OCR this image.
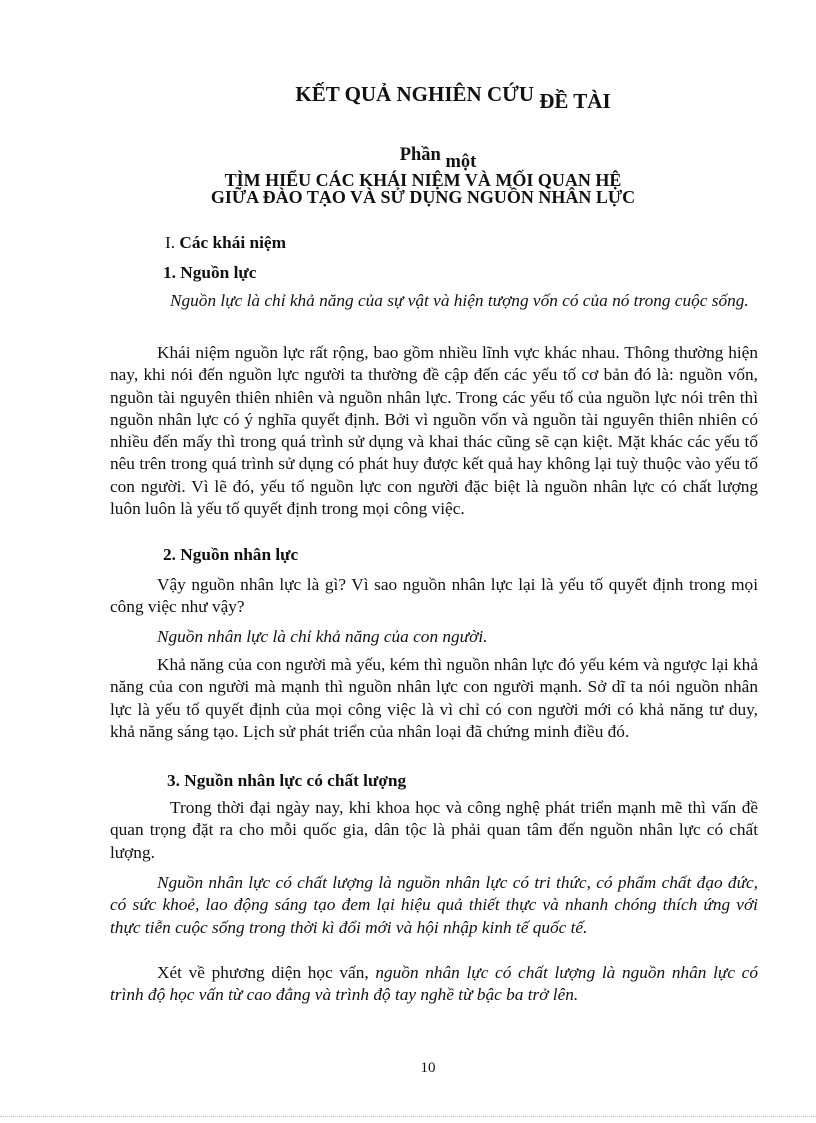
KẾT QUẢ NGHIÊN CỨU ĐỀ TÀI
Phần một
TÌM HIỂU CÁC KHÁI NIỆM VÀ MỐI QUAN HỆ
GIỮA ĐÀO TẠO VÀ SỬ DỤNG NGUỒN NHÂN LỰC
I. Các khái niệm
1. Nguồn lực
Nguồn lực là chỉ khả năng của sự vật và hiện tượng vốn có của nó trong cuộc sống.
Khái niệm nguồn lực rất rộng, bao gồm nhiều lĩnh vực khác nhau. Thông thường hiện nay, khi nói đến nguồn lực người ta thường đề cập đến các yếu tố cơ bản đó là: nguồn vốn, nguồn tài nguyên thiên nhiên và nguồn nhân lực. Trong các yếu tố của nguồn lực nói trên thì nguồn nhân lực có ý nghĩa quyết định. Bởi vì nguồn vốn và nguồn tài nguyên thiên nhiên có nhiều đến mấy thì trong quá trình sử dụng và khai thác cũng sẽ cạn kiệt. Mặt khác các yếu tố nêu trên trong quá trình sử dụng có phát huy được kết quả hay không lại tuỳ thuộc vào yếu tố con người. Vì lẽ đó, yếu tố nguồn lực con người đặc biệt là nguồn nhân lực có chất lượng luôn luôn là yếu tố quyết định trong mọi công việc.
2. Nguồn nhân lực
Vậy nguồn nhân lực là gì? Vì sao nguồn nhân lực lại là yếu tố quyết định trong mọi công việc như vậy?
Nguồn nhân lực là chỉ khả năng của con người.
Khả năng của con người mà yếu, kém thì nguồn nhân lực đó yếu kém và ngược lại khả năng của con người mà mạnh thì nguồn nhân lực con người mạnh. Sở dĩ ta nói nguồn nhân lực là yếu tố quyết định của mọi công việc là vì chỉ có con người mới có khả năng tư duy, khả năng sáng tạo. Lịch sử phát triển của nhân loại đã chứng minh điều đó.
3. Nguồn nhân lực có chất lượng
Trong thời đại ngày nay, khi khoa học và công nghệ phát triển mạnh mẽ thì vấn đề quan trọng đặt ra cho mỗi quốc gia, dân tộc là phải quan tâm đến nguồn nhân lực có chất lượng.
Nguồn nhân lực có chất lượng là nguồn nhân lực có tri thức, có phẩm chất đạo đức, có sức khoẻ, lao động sáng tạo đem lại hiệu quả thiết thực và nhanh chóng thích ứng với thực tiễn cuộc sống trong thời kì đổi mới và hội nhập kinh tế quốc tế.
Xét về phương diện học vấn, nguồn nhân lực có chất lượng là nguồn nhân lực có trình độ học vấn từ cao đẳng và trình độ tay nghề từ bậc ba trở lên.
10
